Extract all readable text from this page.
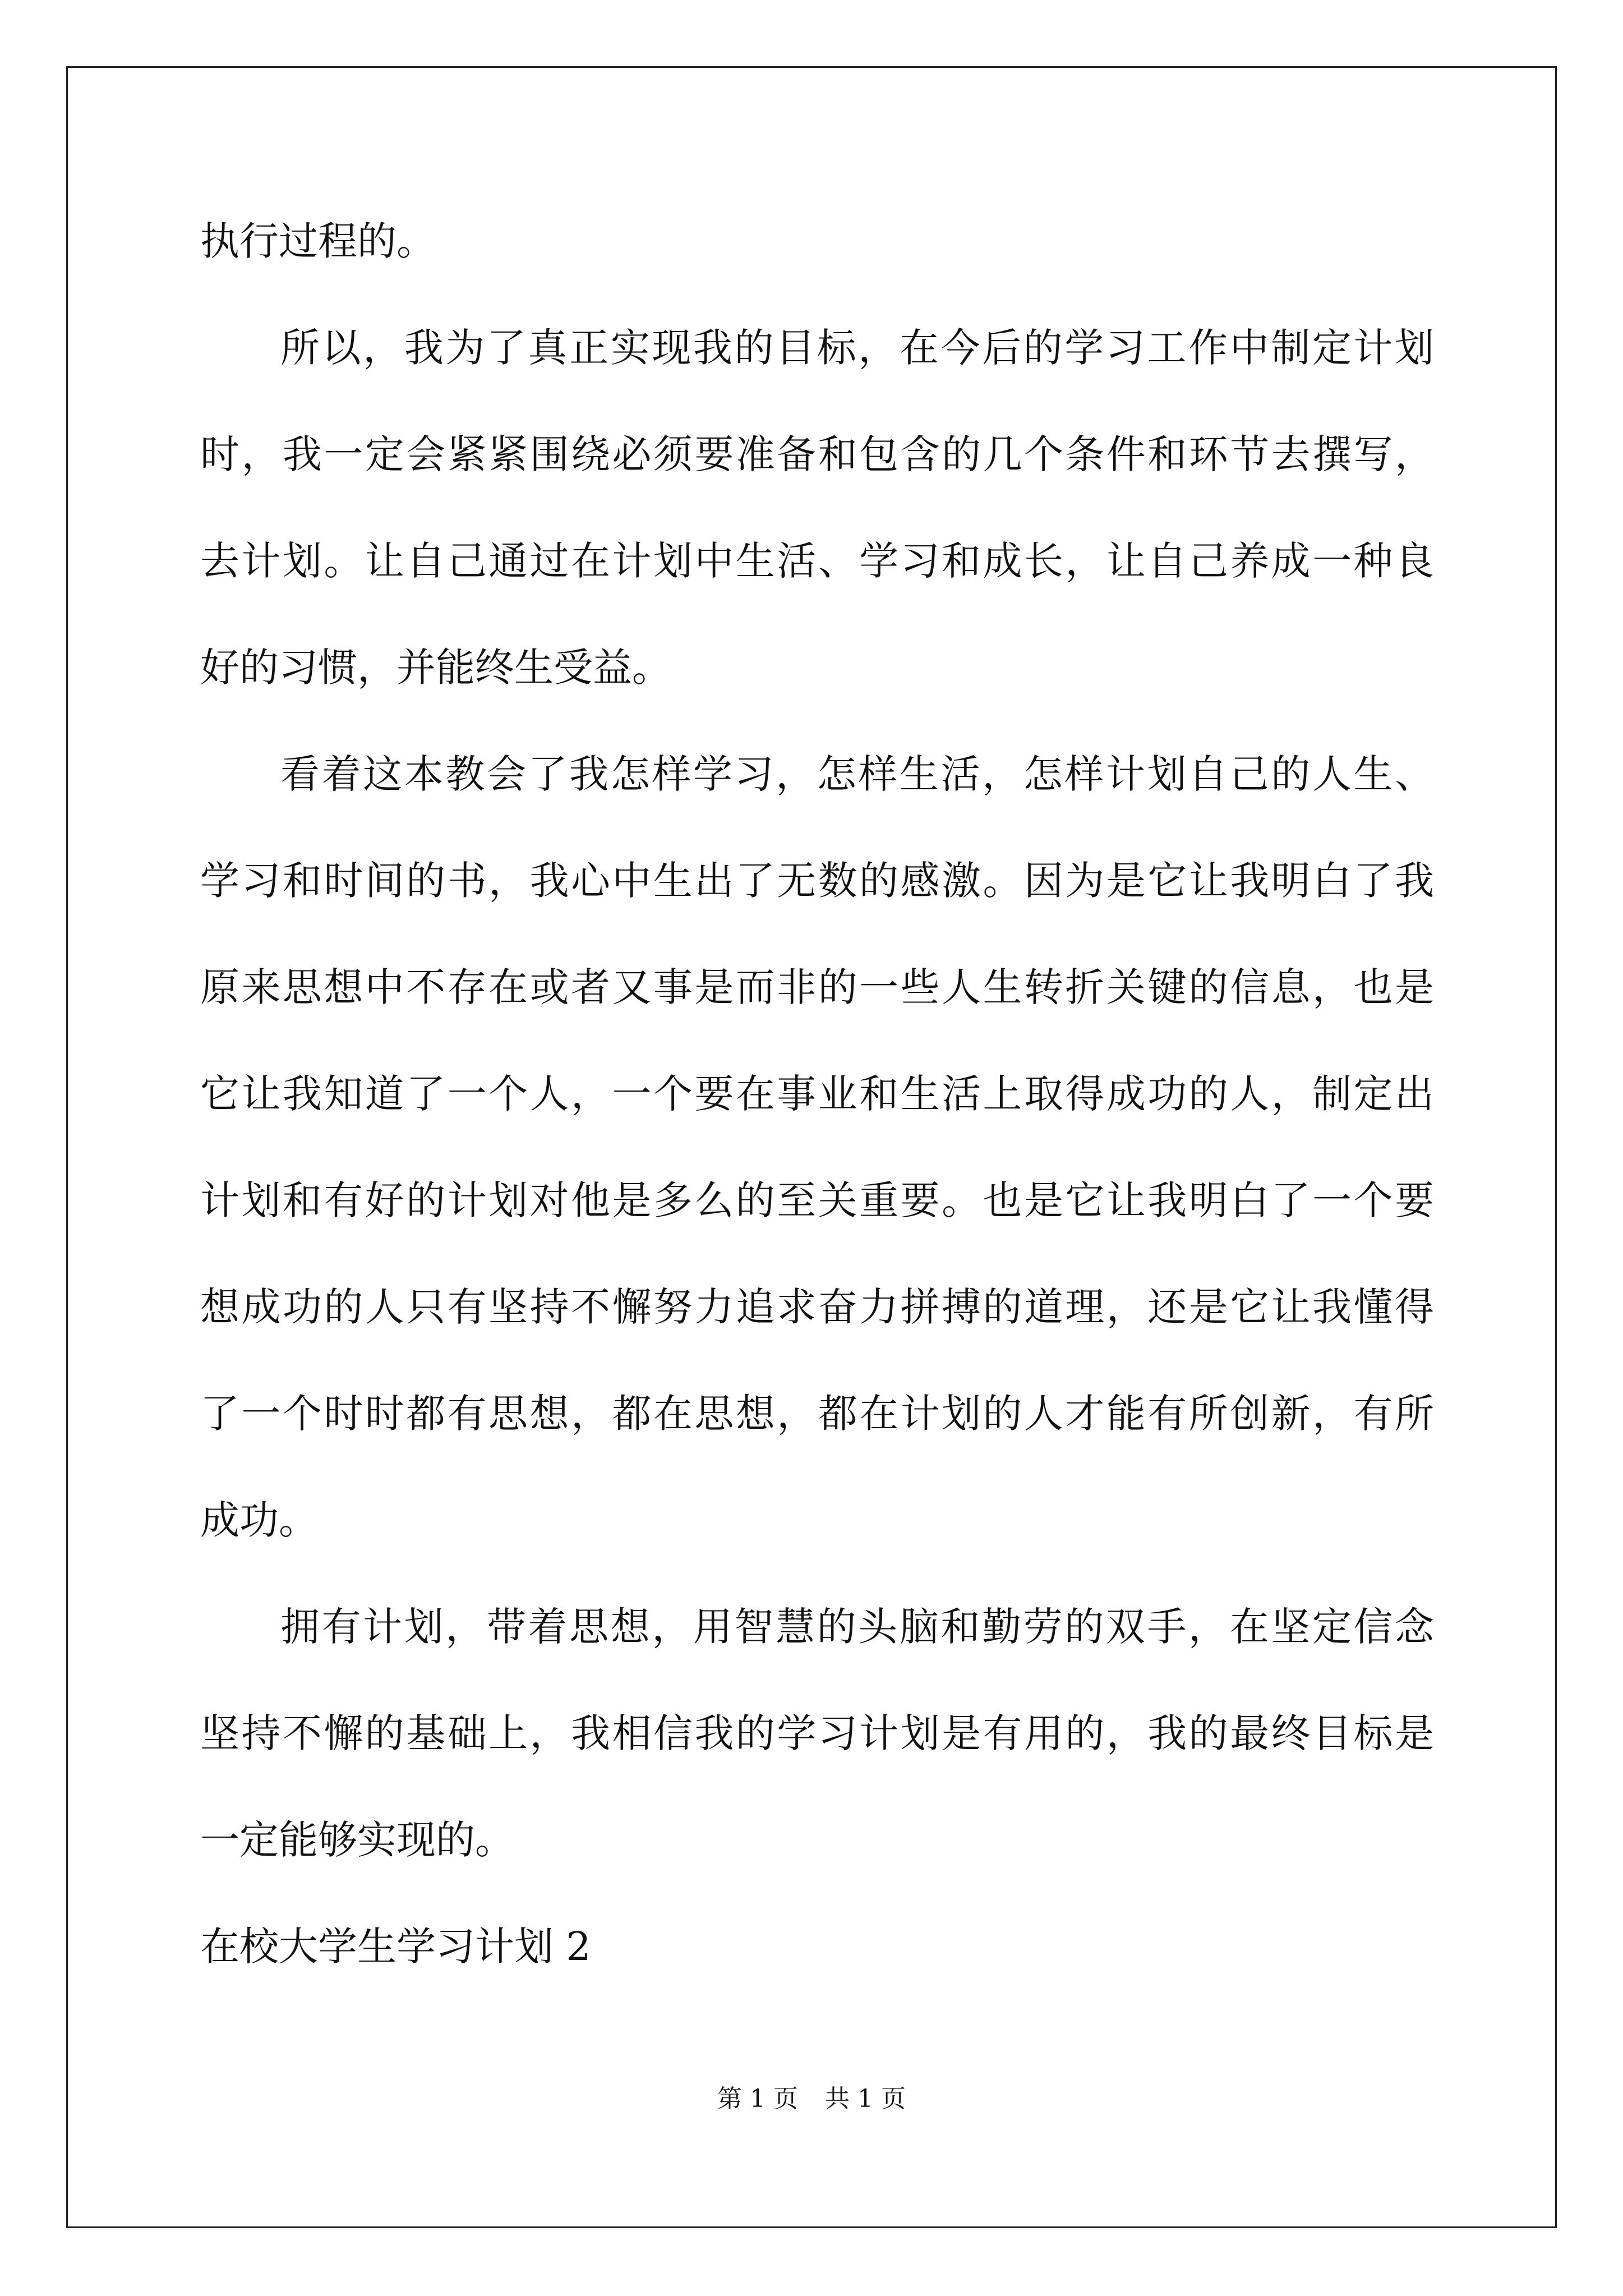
执行过程的。
所以，我为了真正实现我的目标，在今后的学习工作中制定计划
时，我一定会紧紧围绕必须要准备和包含的几个条件和环节去撰写，
去计划。让自己通过在计划中生活、学习和成长，让自己养成一种良
好的习惯，并能终生受益。
看着这本教会了我怎样学习，怎样生活，怎样计划自己的人生、
学习和时间的书，我心中生出了无数的感激。因为是它让我明白了我
原来思想中不存在或者又事是而非的一些人生转折关键的信息，也是
它让我知道了一个人，一个要在事业和生活上取得成功的人，制定出
计划和有好的计划对他是多么的至关重要。也是它让我明白了一个要
想成功的人只有坚持不懈努力追求奋力拼搏的道理，还是它让我懂得
了一个时时都有思想，都在思想，都在计划的人才能有所创新，有所
成功。
拥有计划，带着思想，用智慧的头脑和勤劳的双手，在坚定信念
坚持不懈的基础上，我相信我的学习计划是有用的，我的最终目标是
一定能够实现的。
在校大学生学习计划 2
第 1 页 共 1 页
